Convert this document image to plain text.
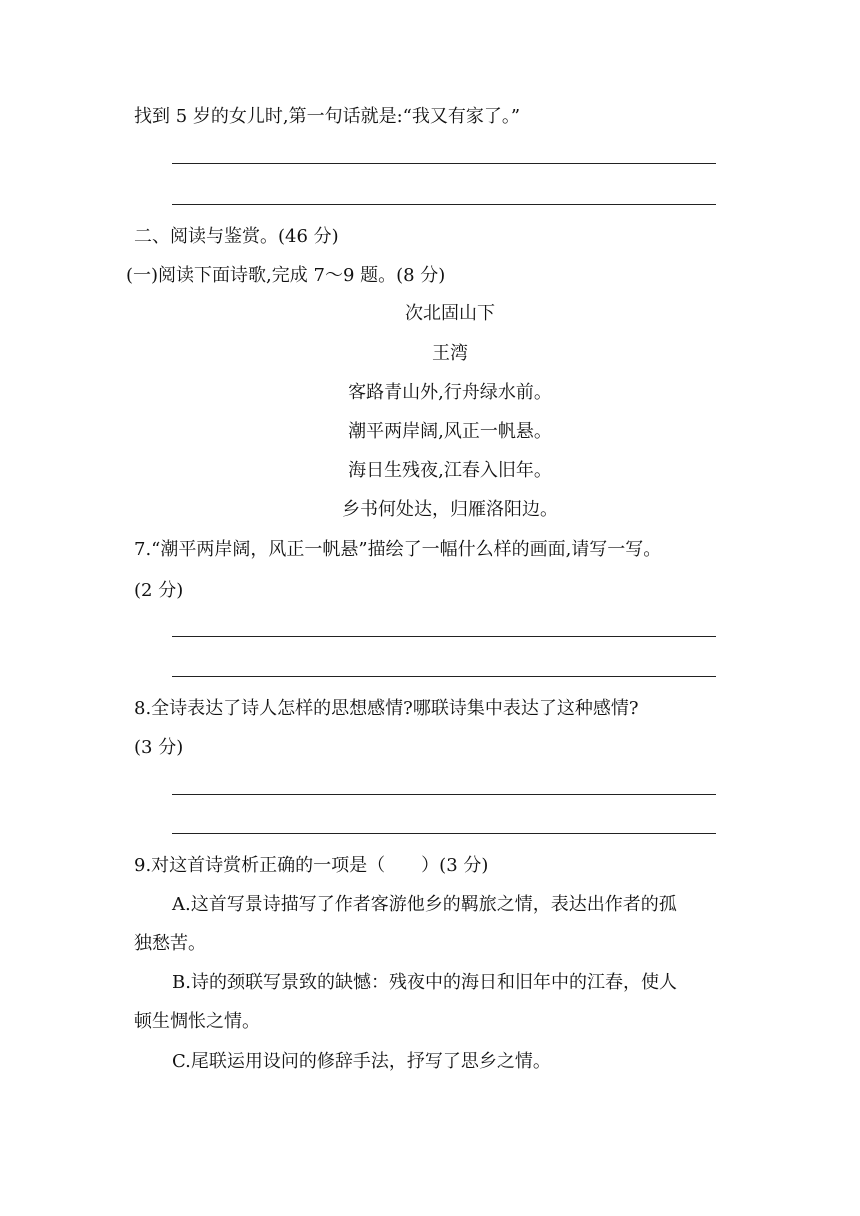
找到 5 岁的女儿时,第一句话就是:“我又有家了。”
二、阅读与鉴赏。(46 分)
(一)阅读下面诗歌,完成 7～9 题。(8 分)
次北固山下
王湾
客路青山外,行舟绿水前。
潮平两岸阔,风正一帆悬。
海日生残夜,江春入旧年。
乡书何处达，归雁洛阳边。
7.“潮平两岸阔，风正一帆悬”描绘了一幅什么样的画面,请写一写。
(2 分)
8.全诗表达了诗人怎样的思想感情?哪联诗集中表达了这种感情?
(3 分)
9.对这首诗赏析正确的一项是（　　）(3 分)
A.这首写景诗描写了作者客游他乡的羁旅之情，表达出作者的孤
独愁苦。
B.诗的颈联写景致的缺憾：残夜中的海日和旧年中的江春，使人
顿生惆怅之情。
C.尾联运用设问的修辞手法，抒写了思乡之情。
